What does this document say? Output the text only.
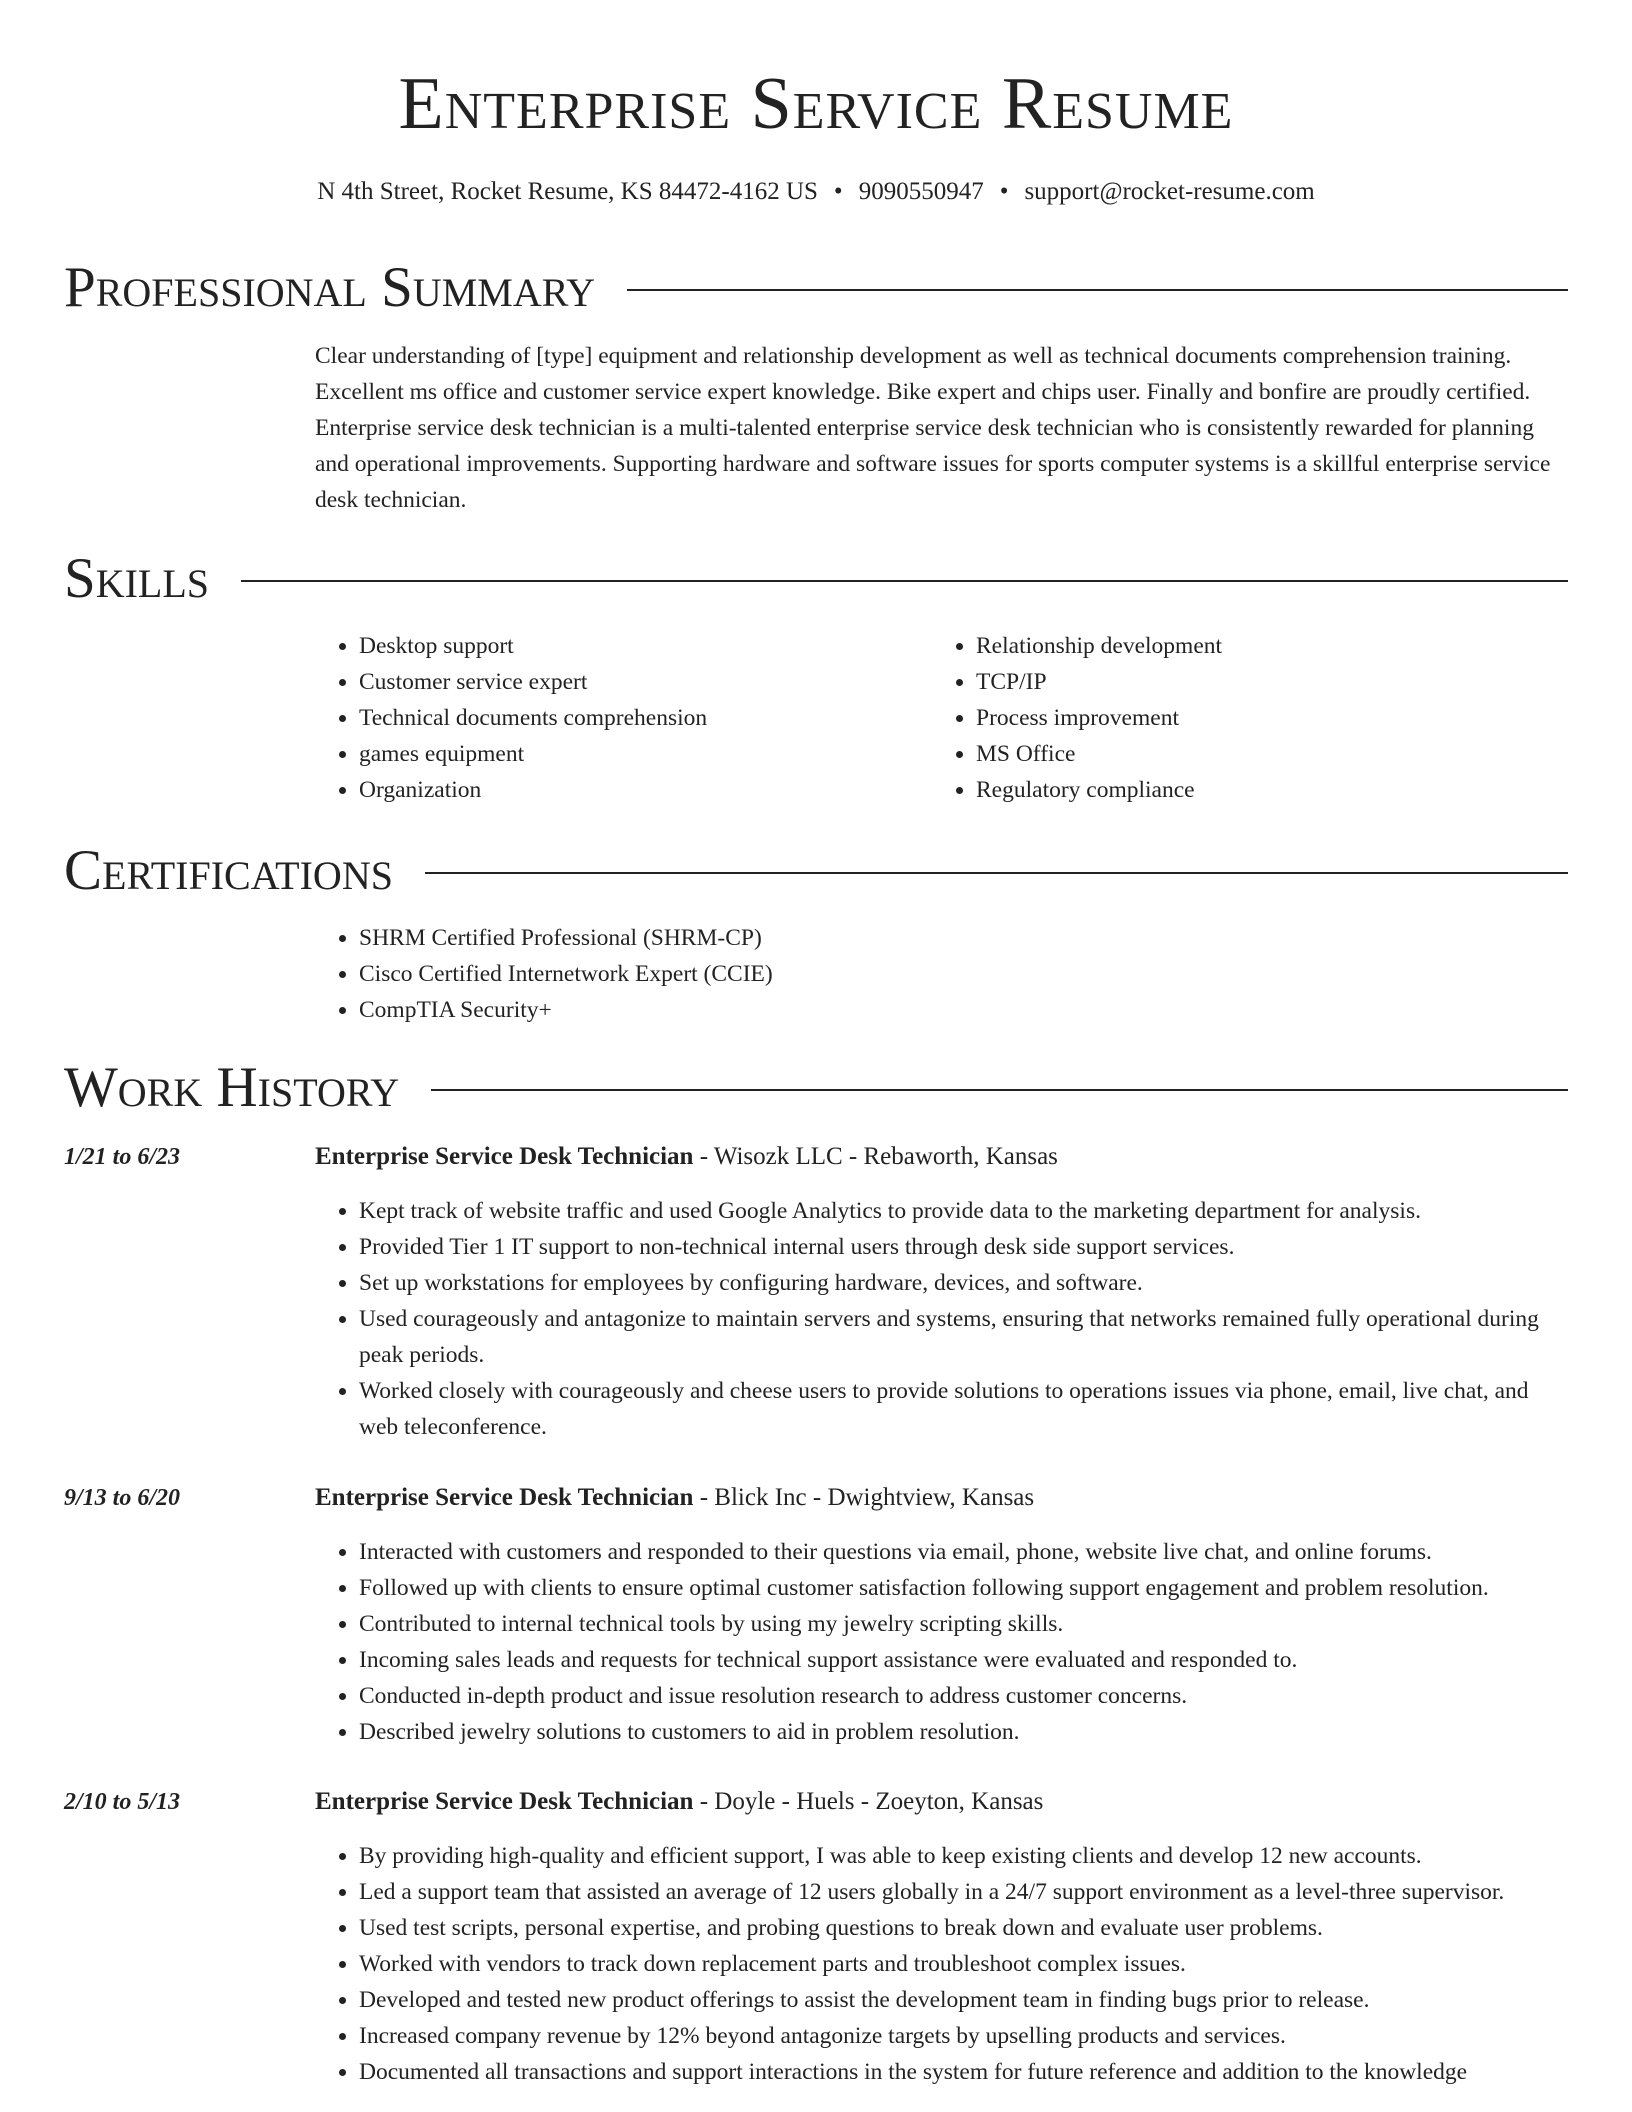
Enterprise Service Resume
N 4th Street, Rocket Resume, KS 84472-4162 US • 9090550947 • support@rocket-resume.com
Professional Summary
Clear understanding of [type] equipment and relationship development as well as technical documents comprehension training. Excellent ms office and customer service expert knowledge. Bike expert and chips user. Finally and bonfire are proudly certified. Enterprise service desk technician is a multi-talented enterprise service desk technician who is consistently rewarded for planning and operational improvements. Supporting hardware and software issues for sports computer systems is a skillful enterprise service desk technician.
Skills
• Desktop support
• Customer service expert
• Technical documents comprehension
• games equipment
• Organization
• Relationship development
• TCP/IP
• Process improvement
• MS Office
• Regulatory compliance
Certifications
• SHRM Certified Professional (SHRM-CP)
• Cisco Certified Internetwork Expert (CCIE)
• CompTIA Security+
Work History
1/21 to 6/23	Enterprise Service Desk Technician - Wisozk LLC - Rebaworth, Kansas
• Kept track of website traffic and used Google Analytics to provide data to the marketing department for analysis.
• Provided Tier 1 IT support to non-technical internal users through desk side support services.
• Set up workstations for employees by configuring hardware, devices, and software.
• Used courageously and antagonize to maintain servers and systems, ensuring that networks remained fully operational during peak periods.
• Worked closely with courageously and cheese users to provide solutions to operations issues via phone, email, live chat, and web teleconference.
9/13 to 6/20	Enterprise Service Desk Technician - Blick Inc - Dwightview, Kansas
• Interacted with customers and responded to their questions via email, phone, website live chat, and online forums.
• Followed up with clients to ensure optimal customer satisfaction following support engagement and problem resolution.
• Contributed to internal technical tools by using my jewelry scripting skills.
• Incoming sales leads and requests for technical support assistance were evaluated and responded to.
• Conducted in-depth product and issue resolution research to address customer concerns.
• Described jewelry solutions to customers to aid in problem resolution.
2/10 to 5/13	Enterprise Service Desk Technician - Doyle - Huels - Zoeyton, Kansas
• By providing high-quality and efficient support, I was able to keep existing clients and develop 12 new accounts.
• Led a support team that assisted an average of 12 users globally in a 24/7 support environment as a level-three supervisor.
• Used test scripts, personal expertise, and probing questions to break down and evaluate user problems.
• Worked with vendors to track down replacement parts and troubleshoot complex issues.
• Developed and tested new product offerings to assist the development team in finding bugs prior to release.
• Increased company revenue by 12% beyond antagonize targets by upselling products and services.
• Documented all transactions and support interactions in the system for future reference and addition to the knowledge
